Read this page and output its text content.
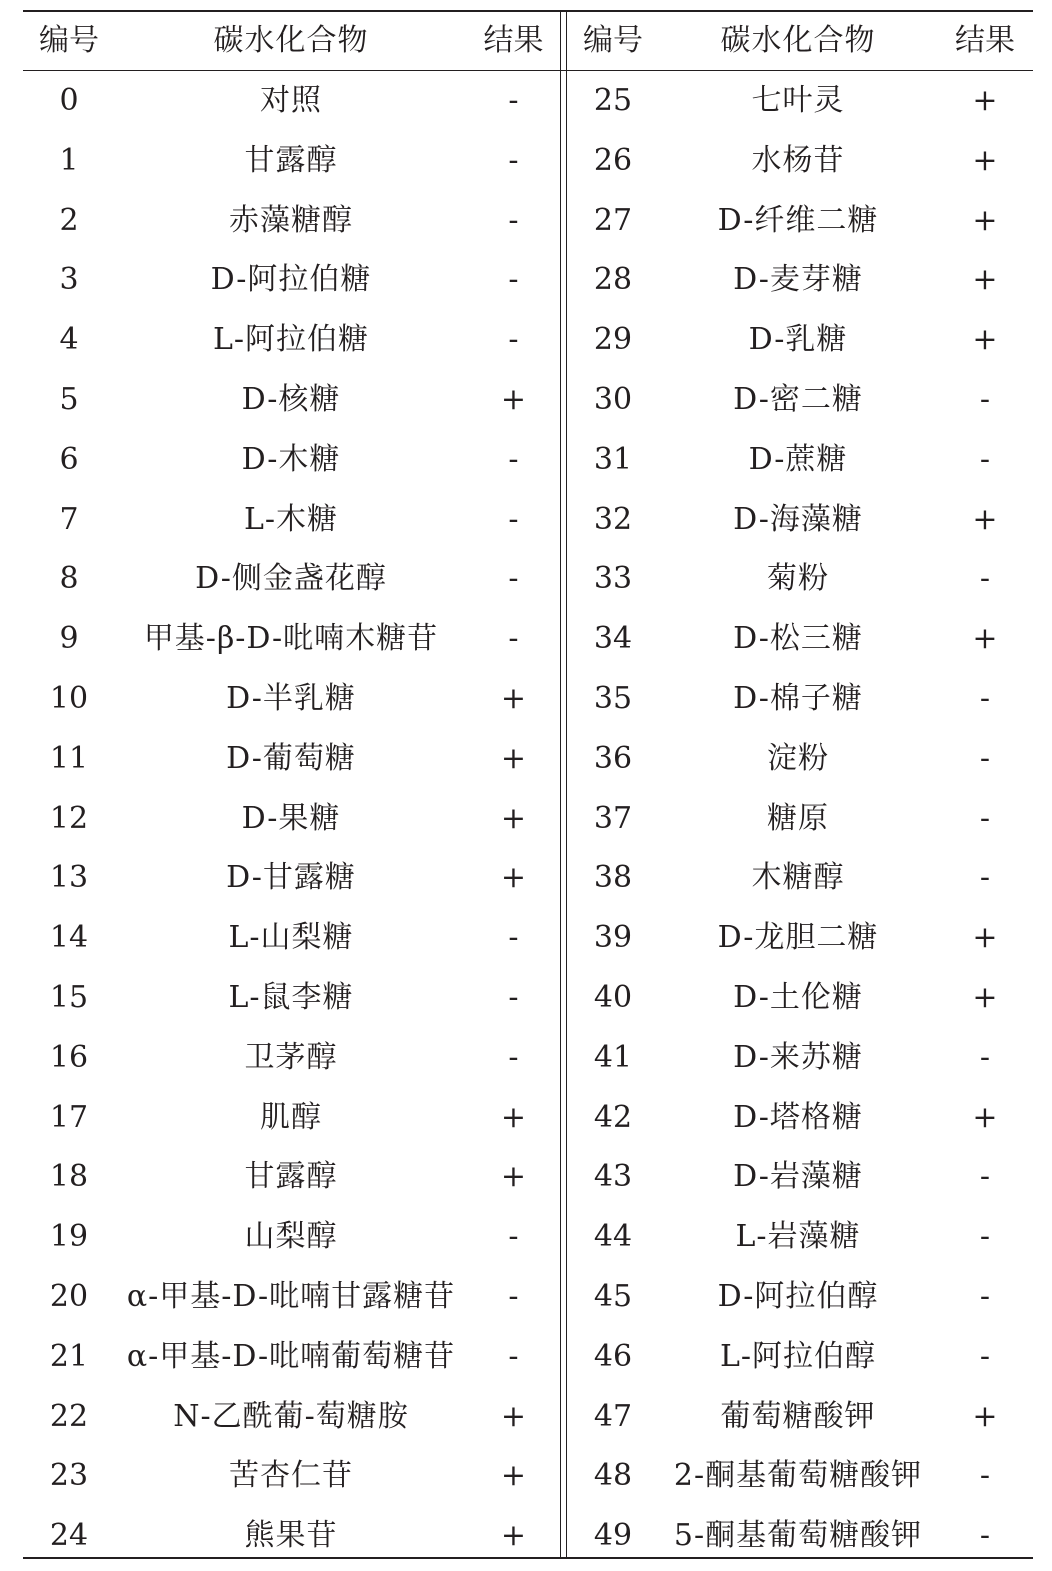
编号	碳水化合物	结果	编号	碳水化合物	结果
0	对照	-	25	七叶灵	+
1	甘露醇	-	26	水杨苷	+
2	赤藻糖醇	-	27	D-纤维二糖	+
3	D-阿拉伯糖	-	28	D-麦芽糖	+
4	L-阿拉伯糖	-	29	D-乳糖	+
5	D-核糖	+	30	D-密二糖	-
6	D-木糖	-	31	D-蔗糖	-
7	L-木糖	-	32	D-海藻糖	+
8	D-侧金盏花醇	-	33	菊粉	-
9	甲基-β-D-吡喃木糖苷	-	34	D-松三糖	+
10	D-半乳糖	+	35	D-棉子糖	-
11	D-葡萄糖	+	36	淀粉	-
12	D-果糖	+	37	糖原	-
13	D-甘露糖	+	38	木糖醇	-
14	L-山梨糖	-	39	D-龙胆二糖	+
15	L-鼠李糖	-	40	D-土伦糖	+
16	卫茅醇	-	41	D-来苏糖	-
17	肌醇	+	42	D-塔格糖	+
18	甘露醇	+	43	D-岩藻糖	-
19	山梨醇	-	44	L-岩藻糖	-
20	α-甲基-D-吡喃甘露糖苷	-	45	D-阿拉伯醇	-
21	α-甲基-D-吡喃葡萄糖苷	-	46	L-阿拉伯醇	-
22	N-乙酰葡-萄糖胺	+	47	葡萄糖酸钾	+
23	苦杏仁苷	+	48	2-酮基葡萄糖酸钾	-
24	熊果苷	+	49	5-酮基葡萄糖酸钾	-
